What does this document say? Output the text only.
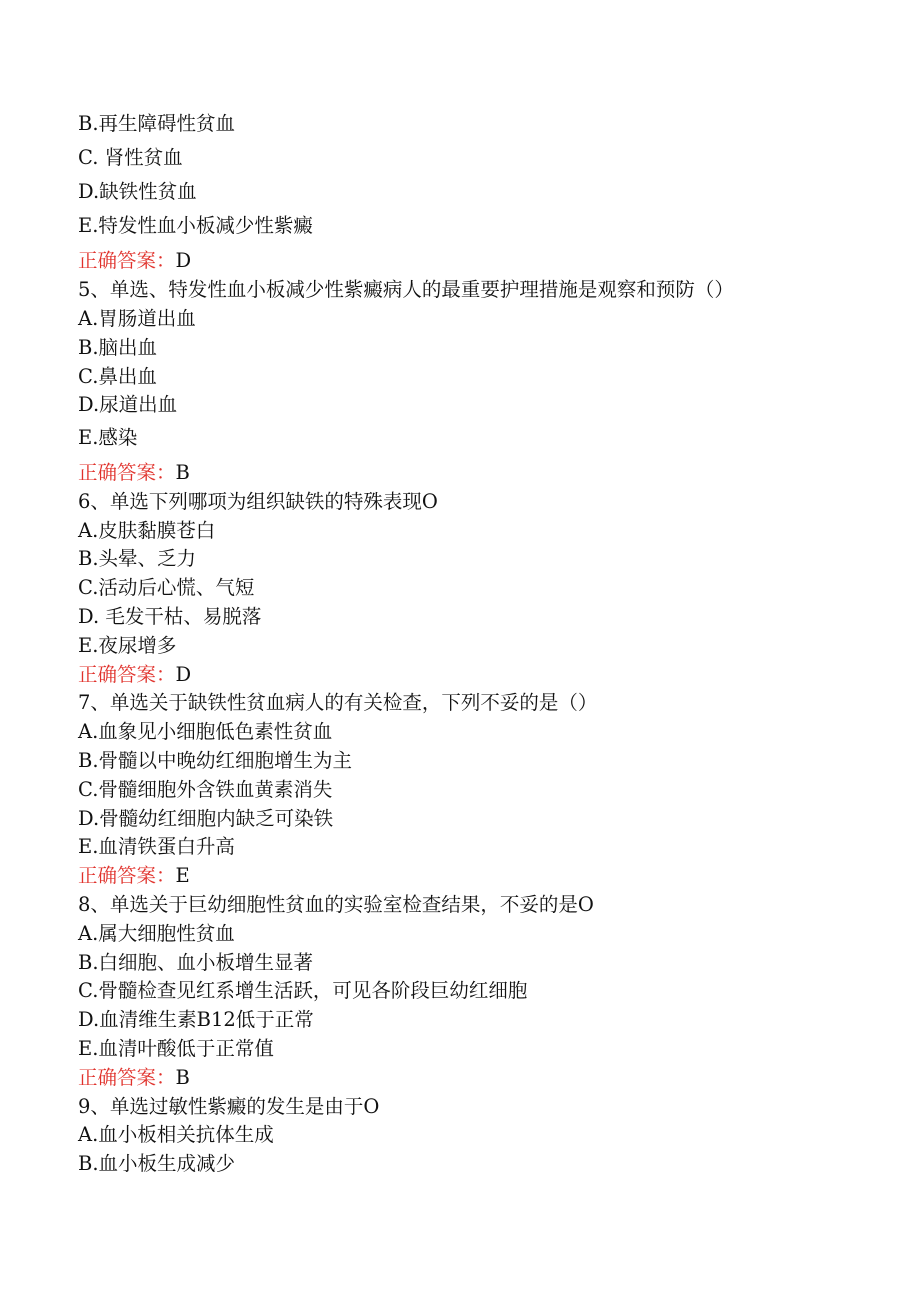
B.再生障碍性贫血
C. 肾性贫血
D.缺铁性贫血
E.特发性血小板减少性紫癜
正确答案：D
5、单选、特发性血小板减少性紫癜病人的最重要护理措施是观察和预防（）
A.胃肠道出血
B.脑出血
C.鼻出血
D.尿道出血
E.感染
正确答案：B
6、单选下列哪项为组织缺铁的特殊表现O
A.皮肤黏膜苍白
B.头晕、乏力
C.活动后心慌、气短
D. 毛发干枯、易脱落
E.夜尿增多
正确答案：D
7、单选关于缺铁性贫血病人的有关检查，下列不妥的是（）
A.血象见小细胞低色素性贫血
B.骨髓以中晚幼红细胞增生为主
C.骨髓细胞外含铁血黄素消失
D.骨髓幼红细胞内缺乏可染铁
E.血清铁蛋白升高
正确答案：E
8、单选关于巨幼细胞性贫血的实验室检查结果，不妥的是O
A.属大细胞性贫血
B.白细胞、血小板增生显著
C.骨髓检查见红系增生活跃，可见各阶段巨幼红细胞
D.血清维生素B12低于正常
E.血清叶酸低于正常值
正确答案：B
9、单选过敏性紫癜的发生是由于O
A.血小板相关抗体生成
B.血小板生成减少
